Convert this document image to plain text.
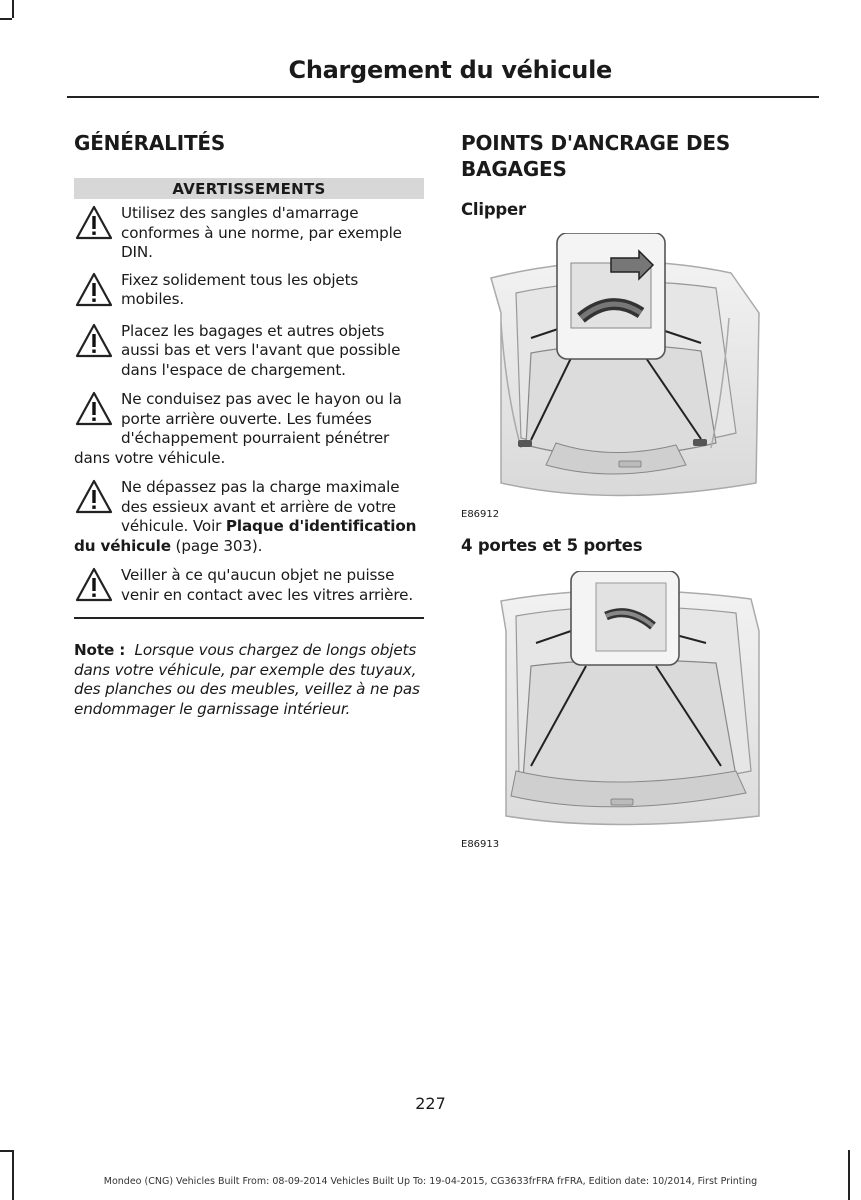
Chargement du véhicule
GÉNÉRALITÉS
AVERTISSEMENTS
Utilisez des sangles d'amarrage conformes à une norme, par exemple DIN.
Fixez solidement tous les objets mobiles.
Placez les bagages et autres objets aussi bas et vers l'avant que possible dans l'espace de chargement.
Ne conduisez pas avec le hayon ou la porte arrière ouverte. Les fumées d'échappement pourraient pénétrer dans votre véhicule.
Ne dépassez pas la charge maximale des essieux avant et arrière de votre véhicule. Voir Plaque d'identification du véhicule (page 303).
Veiller à ce qu'aucun objet ne puisse venir en contact avec les vitres arrière.
Note : Lorsque vous chargez de longs objets dans votre véhicule, par exemple des tuyaux, des planches ou des meubles, veillez à ne pas endommager le garnissage intérieur.
POINTS D'ANCRAGE DES BAGAGES
Clipper
E86912
4 portes et 5 portes
E86913
227
Mondeo (CNG) Vehicles Built From: 08-09-2014 Vehicles Built Up To: 19-04-2015, CG3633frFRA frFRA, Edition date: 10/2014, First Printing
